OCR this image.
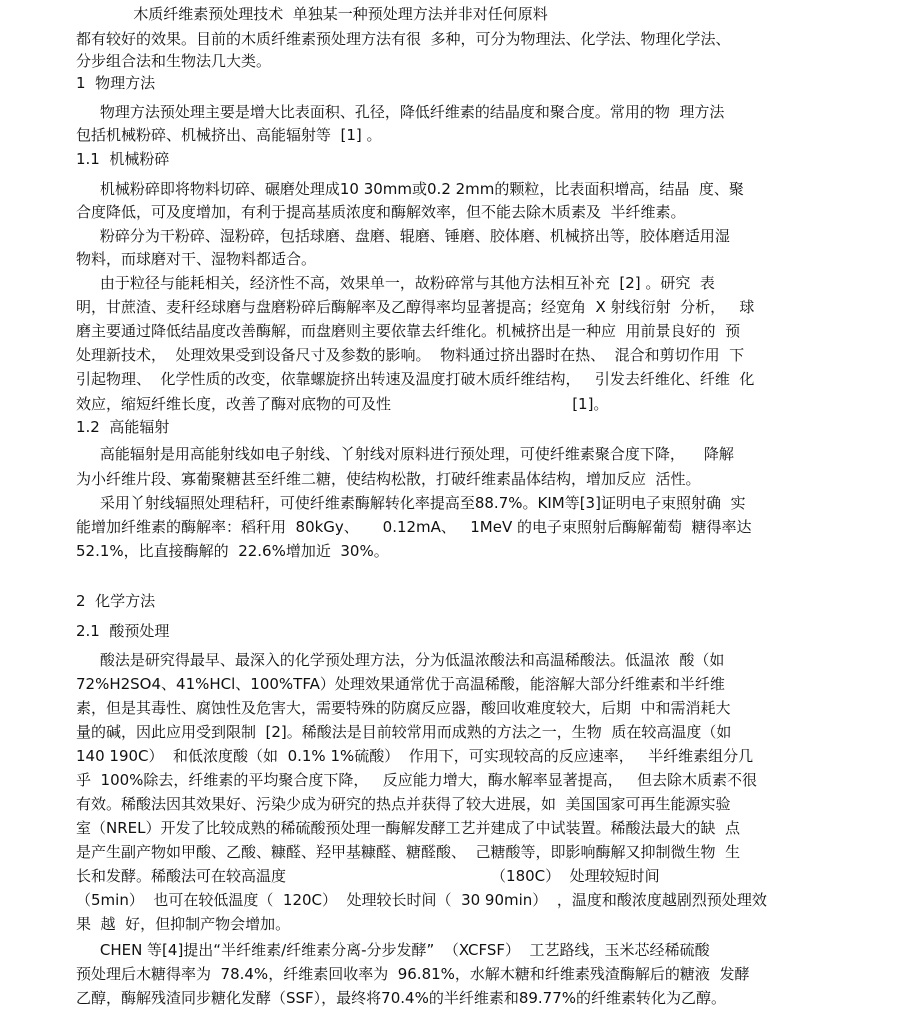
木质纤维素预处理技术  单独某一种预处理方法并非对任何原料
都有较好的效果。目前的木质纤维素预处理方法有很  多种，可分为物理法、化学法、物理化学法、
分步组合法和生物法几大类。
1  物理方法
物理方法预处理主要是增大比表面积、孔径，降低纤维素的结晶度和聚合度。常用的物  理方法
包括机械粉碎、机械挤出、高能辐射等  [1] 。
1.1  机械粉碎
机械粉碎即将物料切碎、碾磨处理成10 30mm或0.2 2mm的颗粒，比表面积增高，结晶  度、聚
合度降低，可及度增加，有利于提高基质浓度和酶解效率，但不能去除木质素及  半纤维素。
粉碎分为干粉碎、湿粉碎，包括球磨、盘磨、辊磨、锤磨、胶体磨、机械挤出等，胶体磨适用湿
物料，而球磨对干、湿物料都适合。
由于粒径与能耗相关，经济性不高，效果单一，故粉碎常与其他方法相互补充  [2] 。研究  表
明，甘蔗渣、麦秆经球磨与盘磨粉碎后酶解率及乙醇得率均显著提高；经宽角  X 射线衍射  分析，   球
磨主要通过降低结晶度改善酶解，而盘磨则主要依靠去纤维化。机械挤出是一种应  用前景良好的  预
处理新技术，  处理效果受到设备尺寸及参数的影响。  物料通过挤出器时在热、  混合和剪切作用  下
引起物理、  化学性质的改变，依靠螺旋挤出转速及温度打破木质纤维结构，   引发去纤维化、纤维  化
效应，缩短纤维长度，改善了酶对底物的可及性                                      [1]。
1.2  高能辐射
高能辐射是用高能射线如电子射线、丫射线对原料进行预处理，可使纤维素聚合度下降，    降解
为小纤维片段、寡葡聚糖甚至纤维二糖，使结构松散，打破纤维素晶体结构，增加反应  活性。
采用丫射线辐照处理秸秆，可使纤维素酶解转化率提高至88.7%。KIM等[3]证明电子束照射确  实
能增加纤维素的酶解率：稻秆用  80kGy、     0.12mA、   1MeV 的电子束照射后酶解葡萄  糖得率达
52.1%，比直接酶解的  22.6%增加近  30%。
2  化学方法
2.1  酸预处理
酸法是研究得最早、最深入的化学预处理方法，分为低温浓酸法和高温稀酸法。低温浓  酸（如
72%H2SO4、41%HCl、100%TFA）处理效果通常优于高温稀酸，能溶解大部分纤维素和半纤维
素，但是其毒性、腐蚀性及危害大，需要特殊的防腐反应器，酸回收难度较大，后期  中和需消耗大
量的碱，因此应用受到限制  [2]。稀酸法是目前较常用而成熟的方法之一，生物  质在较高温度（如
140 190C）  和低浓度酸（如  0.1% 1%硫酸）  作用下，可实现较高的反应速率，   半纤维素组分几
乎  100%除去，纤维素的平均聚合度下降，   反应能力增大，酶水解率显著提高，   但去除木质素不很
有效。稀酸法因其效果好、污染少成为研究的热点并获得了较大进展，如  美国国家可再生能源实验
室（NREL）开发了比较成熟的稀硫酸预处理一酶解发酵工艺并建成了中试装置。稀酸法最大的缺  点
是产生副产物如甲酸、乙酸、糠醛、羟甲基糠醛、糖醛酸、  己糖酸等，即影响酶解又抑制微生物  生
长和发酵。稀酸法可在较高温度                                           （180C）  处理较短时间
（5min）  也可在较低温度（  120C）  处理较长时间（  30 90min）  ，温度和酸浓度越剧烈预处理效
果  越  好，但抑制产物会增加。
CHEN 等[4]提出“半纤维素/纤维素分离-分步发酵”  （XCFSF）  工艺路线，玉米芯经稀硫酸
预处理后木糖得率为  78.4%，纤维素回收率为  96.81%，水解木糖和纤维素残渣酶解后的糖液  发酵
乙醇，酶解残渣同步糖化发酵（SSF），最终将70.4%的半纤维素和89.77%的纤维素转化为乙醇。
